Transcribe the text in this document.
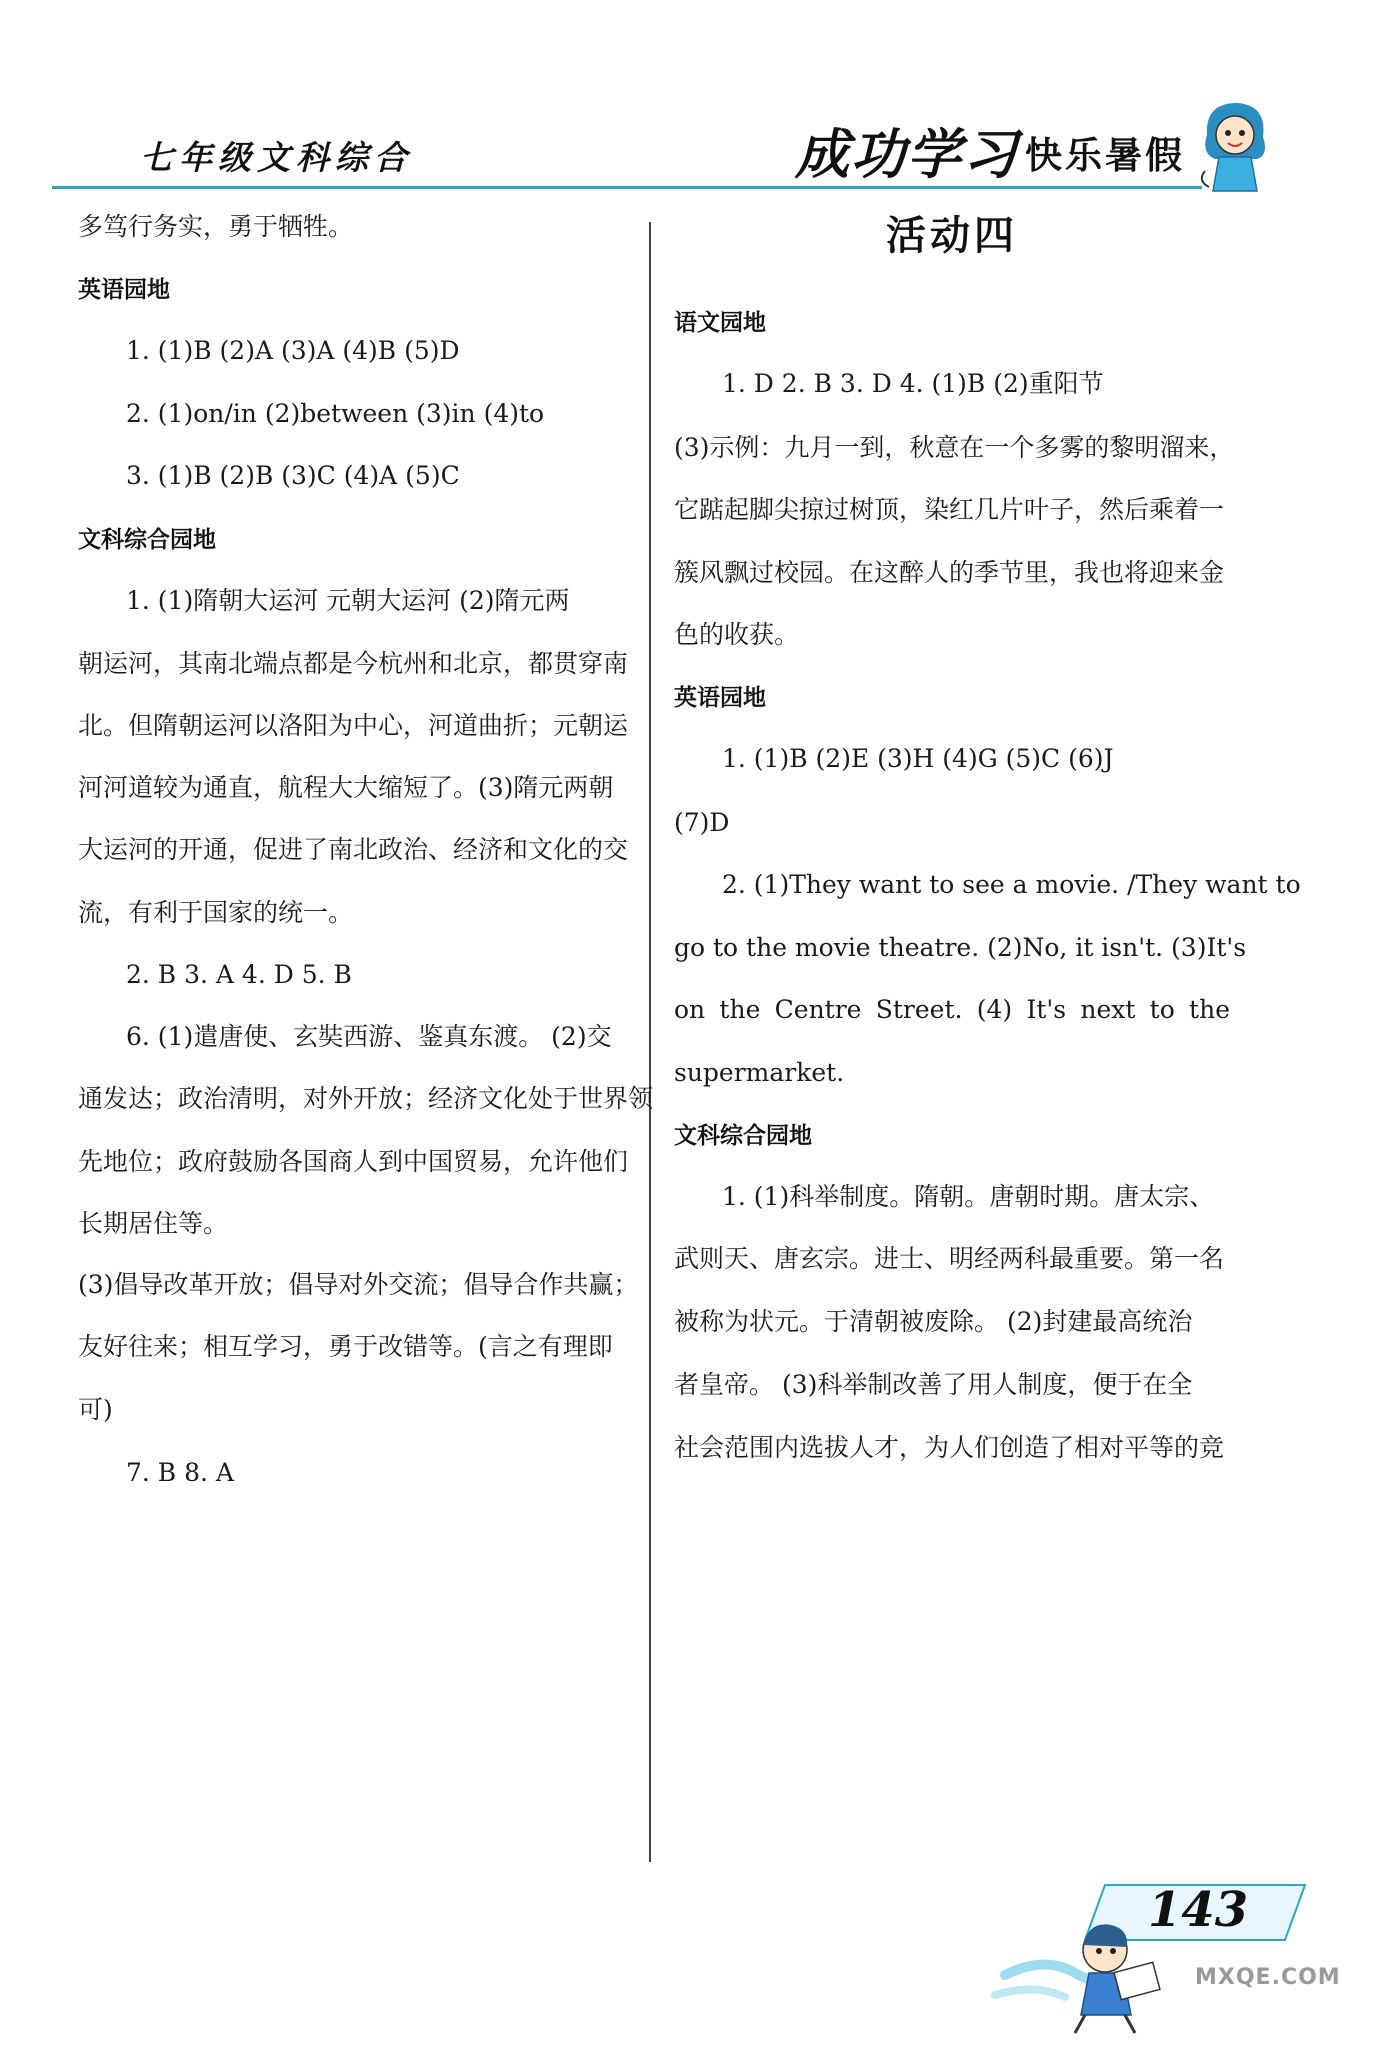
七年级文科综合	成功学习 快乐暑假
多笃行务实，勇于牺牲。
英语园地
1. (1)B (2)A (3)A (4)B (5)D
2. (1)on/in (2)between (3)in (4)to
3. (1)B (2)B (3)C (4)A (5)C
文科综合园地
1. (1)隋朝大运河 元朝大运河 (2)隋元两
朝运河，其南北端点都是今杭州和北京，都贯穿南
北。但隋朝运河以洛阳为中心，河道曲折；元朝运
河河道较为通直，航程大大缩短了。(3)隋元两朝
大运河的开通，促进了南北政治、经济和文化的交
流，有利于国家的统一。
2. B 3. A 4. D 5. B
6. (1)遣唐使、玄奘西游、鉴真东渡。 (2)交
通发达；政治清明，对外开放；经济文化处于世界领
先地位；政府鼓励各国商人到中国贸易，允许他们
长期居住等。
(3)倡导改革开放；倡导对外交流；倡导合作共赢；
友好往来；相互学习，勇于改错等。(言之有理即
可)
7. B 8. A
活动四
语文园地
1. D 2. B 3. D 4. (1)B (2)重阳节
(3)示例：九月一到，秋意在一个多雾的黎明溜来，
它踮起脚尖掠过树顶，染红几片叶子，然后乘着一
簇风飘过校园。在这醉人的季节里，我也将迎来金
色的收获。
英语园地
1. (1)B (2)E (3)H (4)G (5)C (6)J
(7)D
2. (1)They want to see a movie. /They want to
go to the movie theatre. (2)No, it isn't. (3)It's
on the Centre Street. (4) It's next to the
supermarket.
文科综合园地
1. (1)科举制度。隋朝。唐朝时期。唐太宗、
武则天、唐玄宗。进士、明经两科最重要。第一名
被称为状元。于清朝被废除。 (2)封建最高统治
者皇帝。 (3)科举制改善了用人制度，便于在全
社会范围内选拔人才，为人们创造了相对平等的竞
143
MXQE.COM
